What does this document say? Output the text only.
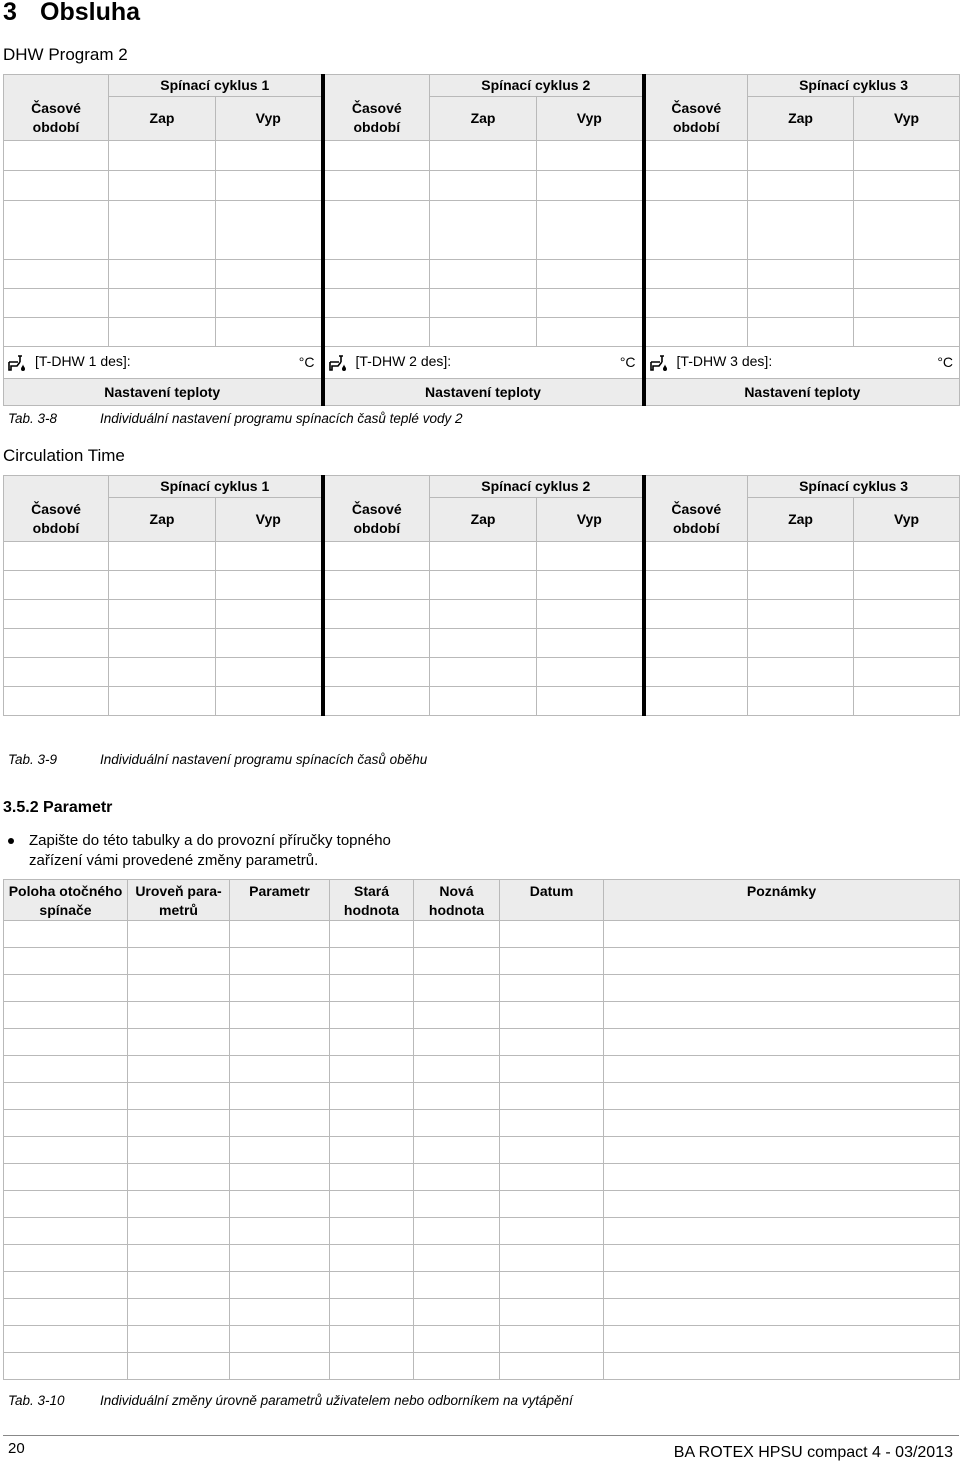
3 Obsluha
DHW Program 2
	Spínací cyklus 1			Spínací cyklus 2			Spínací cyklus 3	
Časové
období	Zap	Vyp	Časové
období	Zap	Vyp	Časové
období	Zap	Vyp

[T-DHW 1 des]: °C			[T-DHW 2 des]: °C			[T-DHW 3 des]: °C		

Nastavení teploty			Nastavení teploty			Nastavení teploty		
Tab. 3-8	Individuální nastavení programu spínacích časů teplé vody 2
Circulation Time
	Spínací cyklus 1			Spínací cyklus 2			Spínací cyklus 3	
Časové
období	Zap	Vyp	Časové
období	Zap	Vyp	Časové
období	Zap	Vyp

Tab. 3-9	Individuální nastavení programu spínacích časů oběhu
3.5.2 Parametr
Zapište do této tabulky a do provozní příručky topného
zařízení vámi provedené změny parametrů.
Poloha otočného
spínače	Uroveň para-
metrů	Parametr	Stará
hodnota	Nová
hodnota	Datum	Poznámky

Tab. 3-10	Individuální změny úrovně parametrů uživatelem nebo odborníkem na vytápění
20	BA ROTEX HPSU compact 4 - 03/2013
